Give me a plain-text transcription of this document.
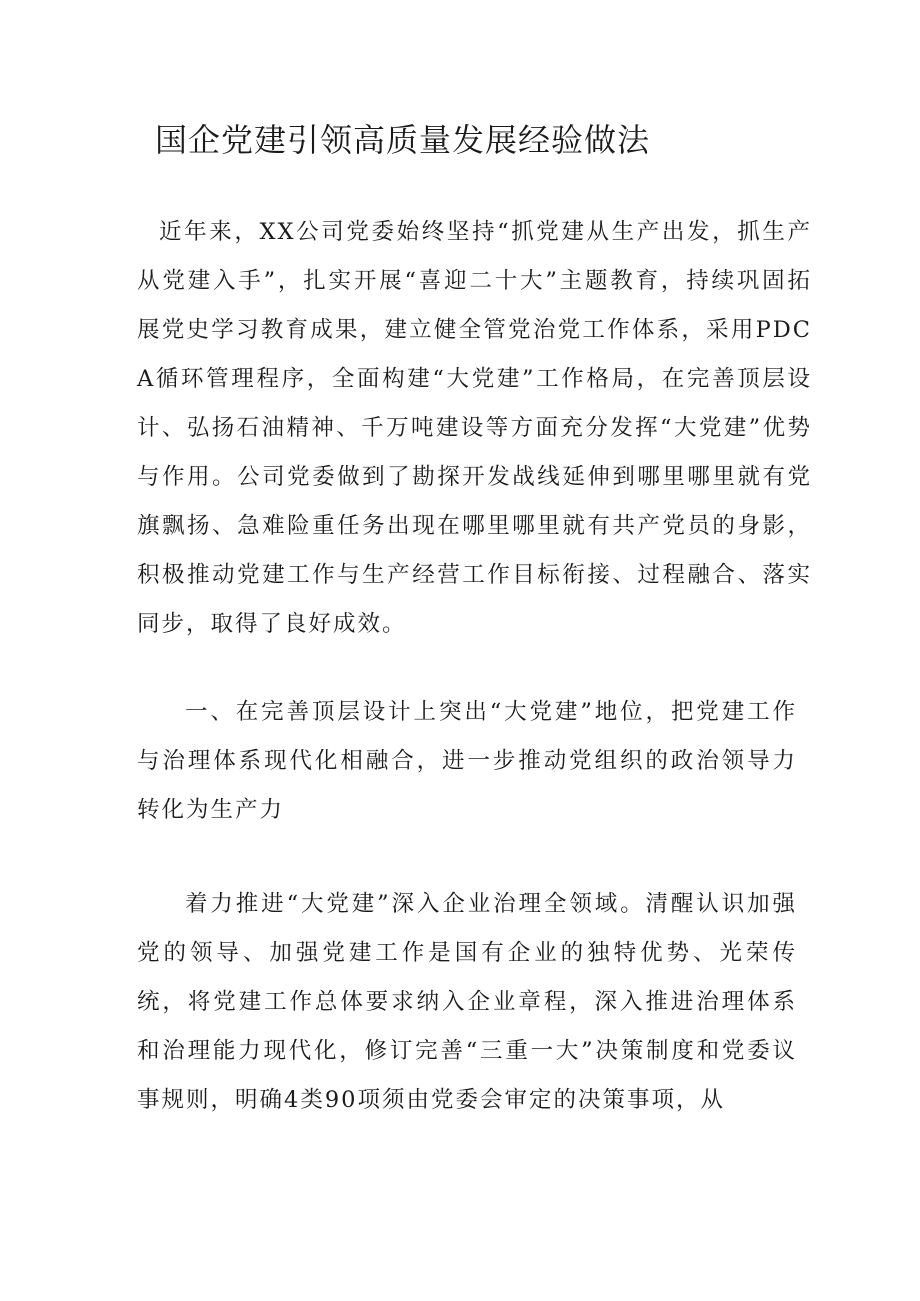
国企党建引领高质量发展经验做法

近年来，XX公司党委始终坚持“抓党建从生产出发，抓生产从党建入手”，扎实开展“喜迎二十大”主题教育，持续巩固拓展党史学习教育成果，建立健全管党治党工作体系，采用PDCA循环管理程序，全面构建“大党建”工作格局，在完善顶层设计、弘扬石油精神、千万吨建设等方面充分发挥“大党建”优势与作用。公司党委做到了勘探开发战线延伸到哪里哪里就有党旗飘扬、急难险重任务出现在哪里哪里就有共产党员的身影，积极推动党建工作与生产经营工作目标衔接、过程融合、落实同步，取得了良好成效。

一、在完善顶层设计上突出“大党建”地位，把党建工作与治理体系现代化相融合，进一步推动党组织的政治领导力转化为生产力

着力推进“大党建”深入企业治理全领域。清醒认识加强党的领导、加强党建工作是国有企业的独特优势、光荣传统，将党建工作总体要求纳入企业章程，深入推进治理体系和治理能力现代化，修订完善“三重一大”决策制度和党委议事规则，明确4类90项须由党委会审定的决策事项，从
